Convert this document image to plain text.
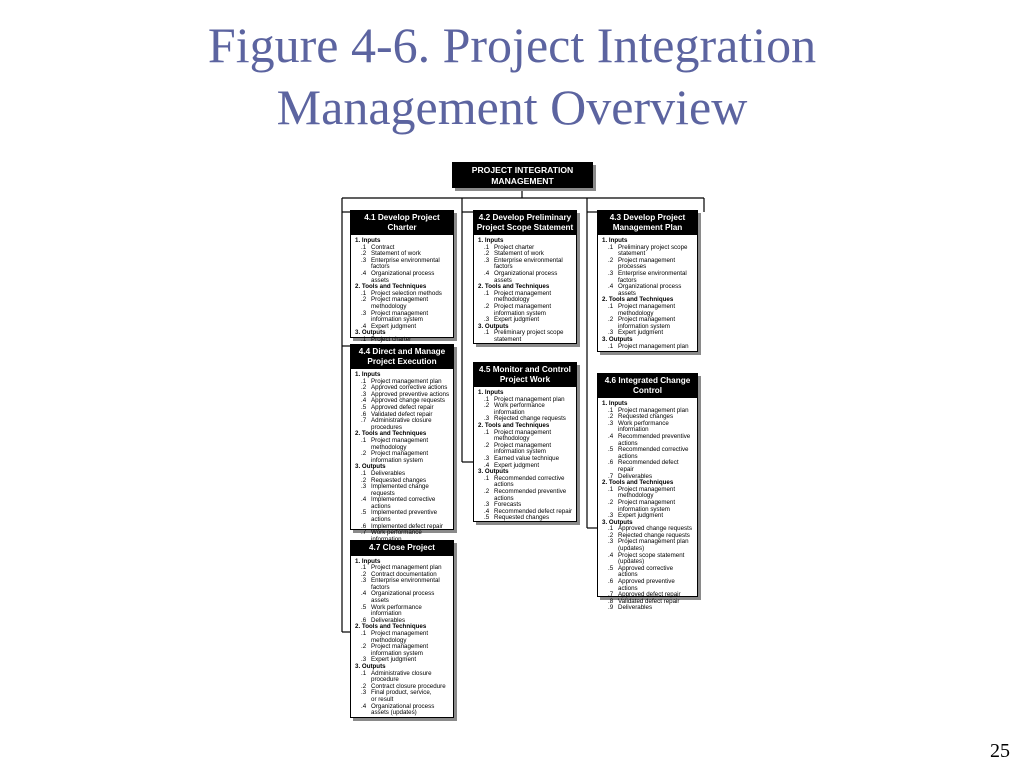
Figure 4-6. Project Integration
Management Overview
PROJECT INTEGRATION
MANAGEMENT
4.1 Develop Project
Charter
1. Inputs
.1 Contract
.2 Statement of work
.3 Enterprise environmental
factors
.4 Organizational process assets
2. Tools and Techniques
.1 Project selection methods
.2 Project management
methodology
.3 Project management
information system
.4 Expert judgment
3. Outputs
.1 Project charter
4.2 Develop Preliminary
Project Scope Statement
1. Inputs
.1 Project charter
.2 Statement of work
.3 Enterprise environmental
factors
.4 Organizational process
assets
2. Tools and Techniques
.1 Project management
methodology
.2 Project management
information system
.3 Expert judgment
3. Outputs
.1 Preliminary project scope
statement
4.3 Develop Project
Management Plan
1. Inputs
.1 Preliminary project scope
statement
.2 Project management
processes
.3 Enterprise environmental
factors
.4 Organizational process
assets
2. Tools and Techniques
.1 Project management
methodology
.2 Project management
information system
.3 Expert judgment
3. Outputs
.1 Project management plan
4.4 Direct and Manage
Project Execution
1. Inputs
.1 Project management plan
.2 Approved corrective actions
.3 Approved preventive actions
.4 Approved change requests
.5 Approved defect repair
.6 Validated defect repair
.7 Administrative closure
procedures
2. Tools and Techniques
.1 Project management
methodology
.2 Project management
information system
3. Outputs
.1 Deliverables
.2 Requested changes
.3 Implemented change requests
.4 Implemented corrective
actions
.5 Implemented preventive
actions
.6 Implemented defect repair
.7 Work performance
4.5 Monitor and Control
Project Work
1. Inputs
.1 Project management plan
.2 Work performance
information
.3 Rejected change requests
2. Tools and Techniques
.1 Project management
methodology
.2 Project management
information system
.3 Earned value technique
.4 Expert judgment
3. Outputs
.1 Recommended corrective
actions
.2 Recommended preventive
actions
.3 Forecasts
.4 Recommended defect repair
.5 Requested changes
4.6 Integrated Change
Control
1. Inputs
.1 Project management plan
.2 Requested changes
.3 Work performance
information
.4 Recommended preventive
actions
.5 Recommended corrective
actions
.6 Recommended defect
repair
.7 Deliverables
2. Tools and Techniques
.1 Project management
methodology
.2 Project management
information system
.3 Expert judgment
3. Outputs
.1 Approved change requests
.2 Rejected change requests
.3 Project management plan
(updates)
.4 Project scope statement
(updates)
.5 Approved corrective actions
.6 Approved preventive actions
.7 Approved defect repair
.8 Validated defect repair
.9 Deliverables
4.7 Close Project
1. Inputs
.1 Project management plan
.2 Contract documentation
.3 Enterprise environmental
factors
.4 Organizational process assets
.5 Work performance
information
.6 Deliverables
2. Tools and Techniques
.1 Project management
methodology
.2 Project management
information system
.3 Expert judgment
3. Outputs
.1 Administrative closure
procedure
.2 Contract closure procedure
.3 Final product, service,
or result
.4 Organizational process
assets (updates)
25
